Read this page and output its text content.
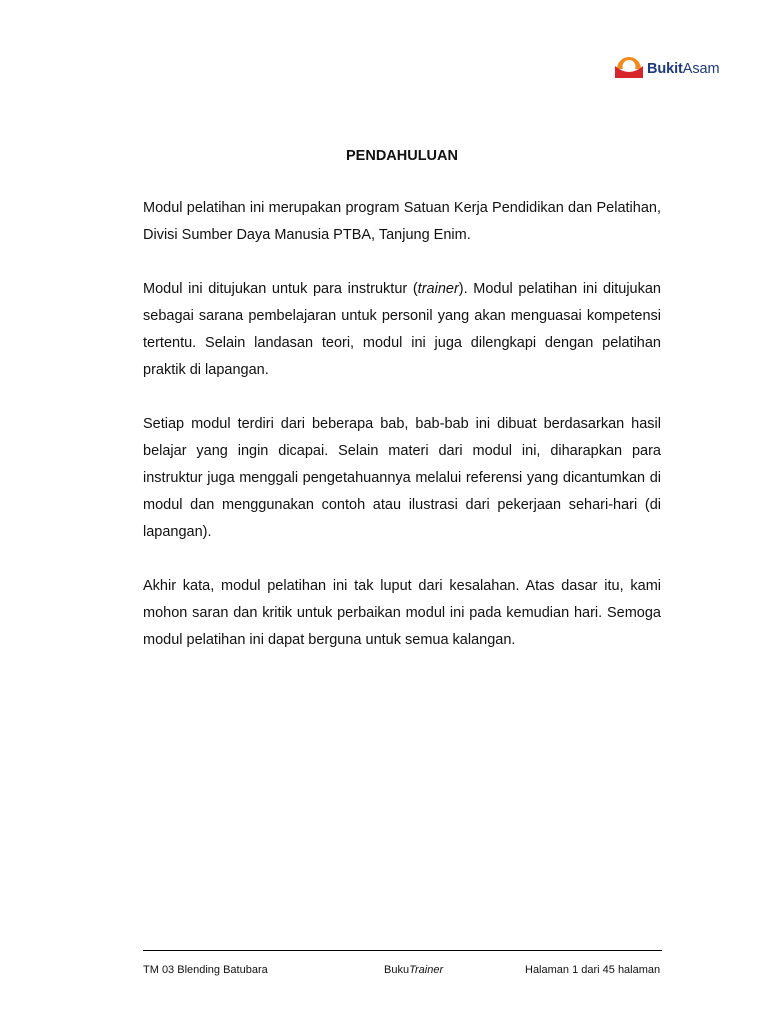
BukitAsam
PENDAHULUAN

Modul pelatihan ini merupakan program Satuan Kerja Pendidikan dan Pelatihan, Divisi Sumber Daya Manusia PTBA, Tanjung Enim.

Modul ini ditujukan untuk para instruktur (trainer). Modul pelatihan ini ditujukan sebagai sarana pembelajaran untuk personil yang akan menguasai kompetensi tertentu. Selain landasan teori, modul ini juga dilengkapi dengan pelatihan praktik di lapangan.

Setiap modul terdiri dari beberapa bab, bab-bab ini dibuat berdasarkan hasil belajar yang ingin dicapai. Selain materi dari modul ini, diharapkan para instruktur juga menggali pengetahuannya melalui referensi yang dicantumkan di modul dan menggunakan contoh atau ilustrasi dari pekerjaan sehari-hari (di lapangan).

Akhir kata, modul pelatihan ini tak luput dari kesalahan. Atas dasar itu, kami mohon saran dan kritik untuk perbaikan modul ini pada kemudian hari. Semoga modul pelatihan ini dapat berguna untuk semua kalangan.

TM 03 Blending Batubara	BukuTrainer	Halaman 1 dari 45 halaman
